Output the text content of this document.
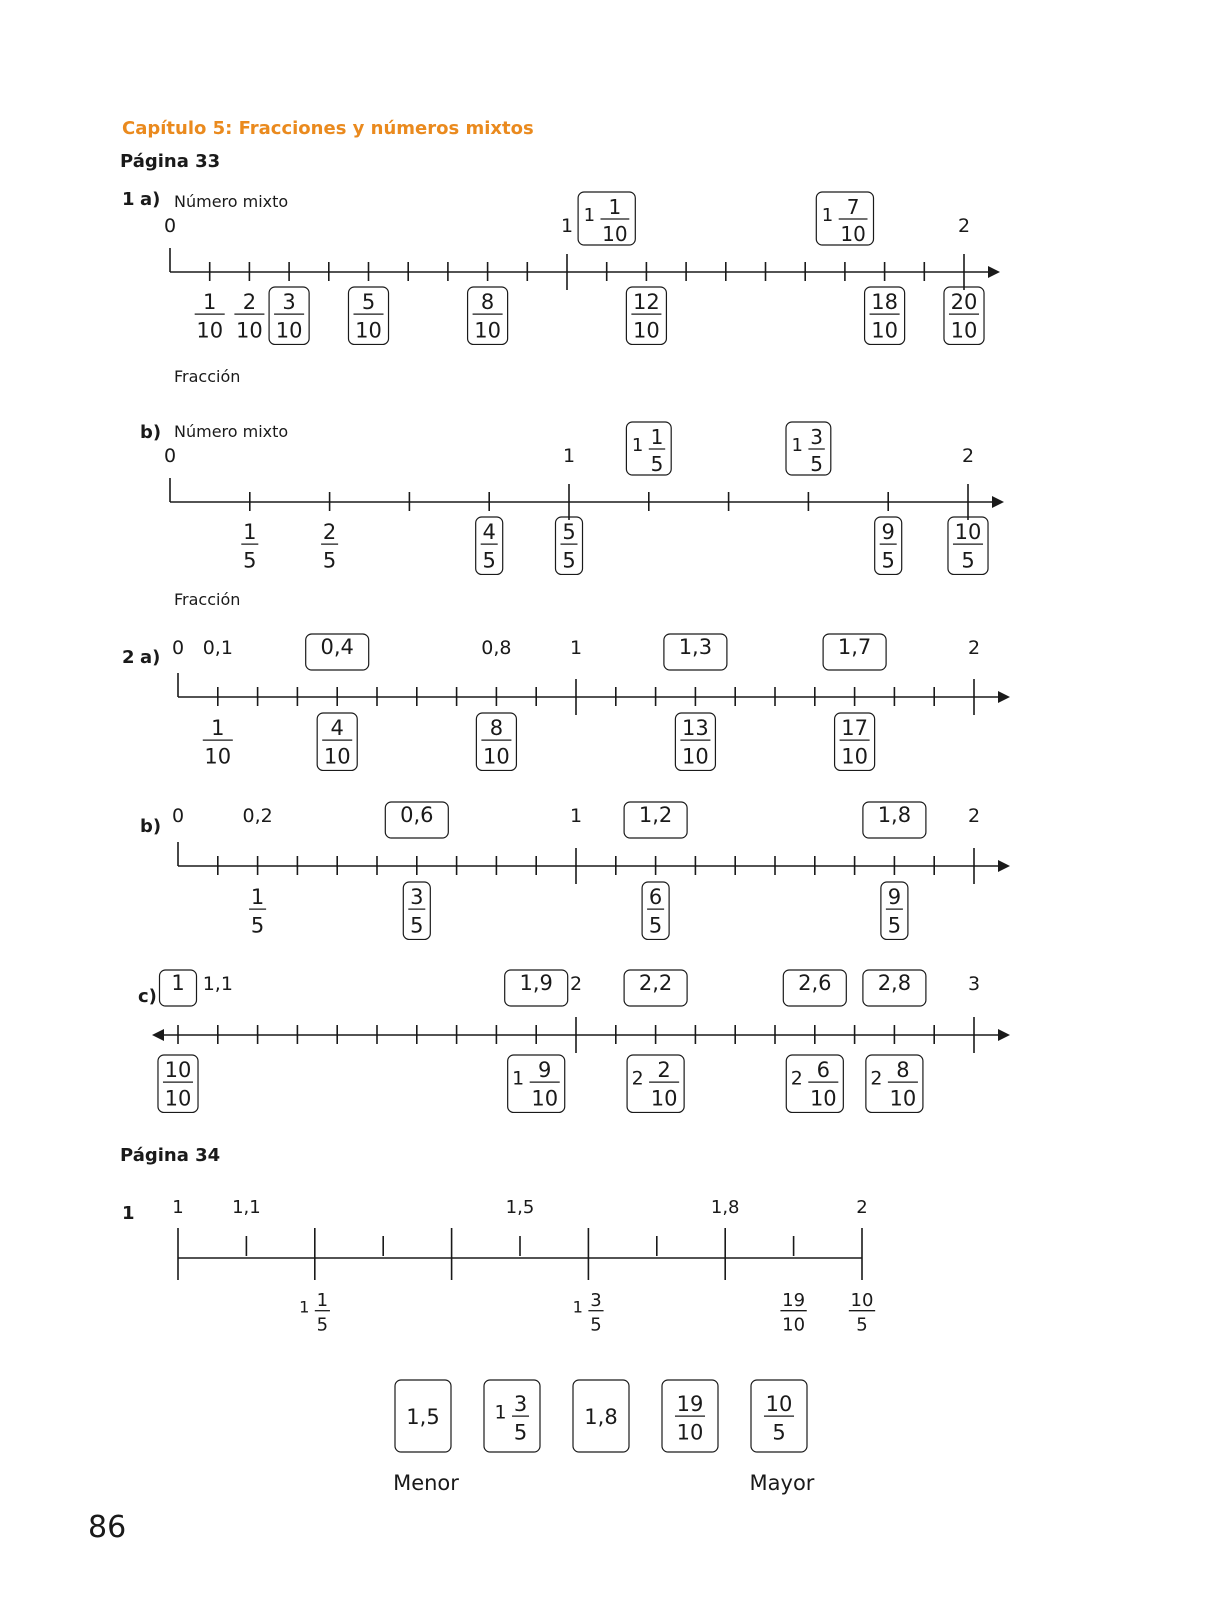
Capítulo 5: Fracciones y números mixtos
Página 33
Página 34
86
1 a) Número mixto
Fracción
b) Número mixto
Fracción
2 a)
b)
c)
1
Menor	Mayor
0	1 1 1
10
1 7
10	2
1
10
2
10
3
10
5
10
8
10
12
10
18
10
20
10
0	1	1 1
5
1 3
5	2
1
5
2
5
4
5
5
5
9
5
10
5
0 0,1	0,4	0,8	1	1,3	1,7	2
1
10
4
10
8
10
13
10
17
10
0	0,2	0,6	1	1,2	1,8	2
1
5
3
5
6
5
9
5
1 1,1	1,9 2	2,2	2,6 2,8	3
10
10
1 9
10
2 2
10
2 6
10
2 8
10
1	1,1	1,5	1,8	2
1 1
5
1 3
5
19
10
10
5
1,5	1 3
5
1,8
19
10
10
5
